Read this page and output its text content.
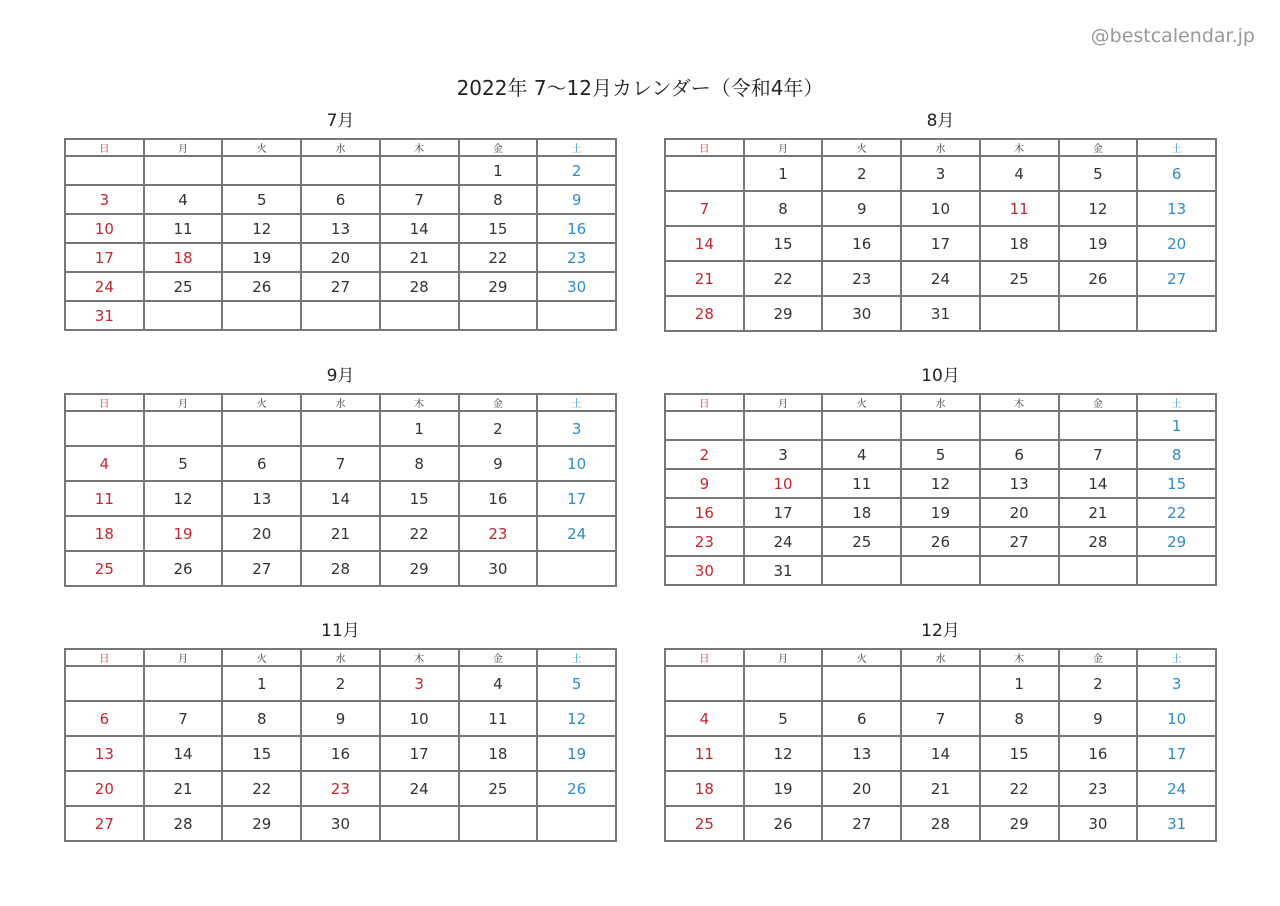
@bestcalendar.jp
2022年 7〜12月カレンダー（令和4年）
7月
日	月	火	水	木	金	土
					1	2
3	4	5	6	7	8	9
10	11	12	13	14	15	16
17	18	19	20	21	22	23
24	25	26	27	28	29	30
31						
8月
日	月	火	水	木	金	土
	1	2	3	4	5	6
7	8	9	10	11	12	13
14	15	16	17	18	19	20
21	22	23	24	25	26	27
28	29	30	31			
9月
日	月	火	水	木	金	土
				1	2	3
4	5	6	7	8	9	10
11	12	13	14	15	16	17
18	19	20	21	22	23	24
25	26	27	28	29	30	
10月
日	月	火	水	木	金	土
						1
2	3	4	5	6	7	8
9	10	11	12	13	14	15
16	17	18	19	20	21	22
23	24	25	26	27	28	29
30	31					
11月
日	月	火	水	木	金	土
		1	2	3	4	5
6	7	8	9	10	11	12
13	14	15	16	17	18	19
20	21	22	23	24	25	26
27	28	29	30			
12月
日	月	火	水	木	金	土
				1	2	3
4	5	6	7	8	9	10
11	12	13	14	15	16	17
18	19	20	21	22	23	24
25	26	27	28	29	30	31
